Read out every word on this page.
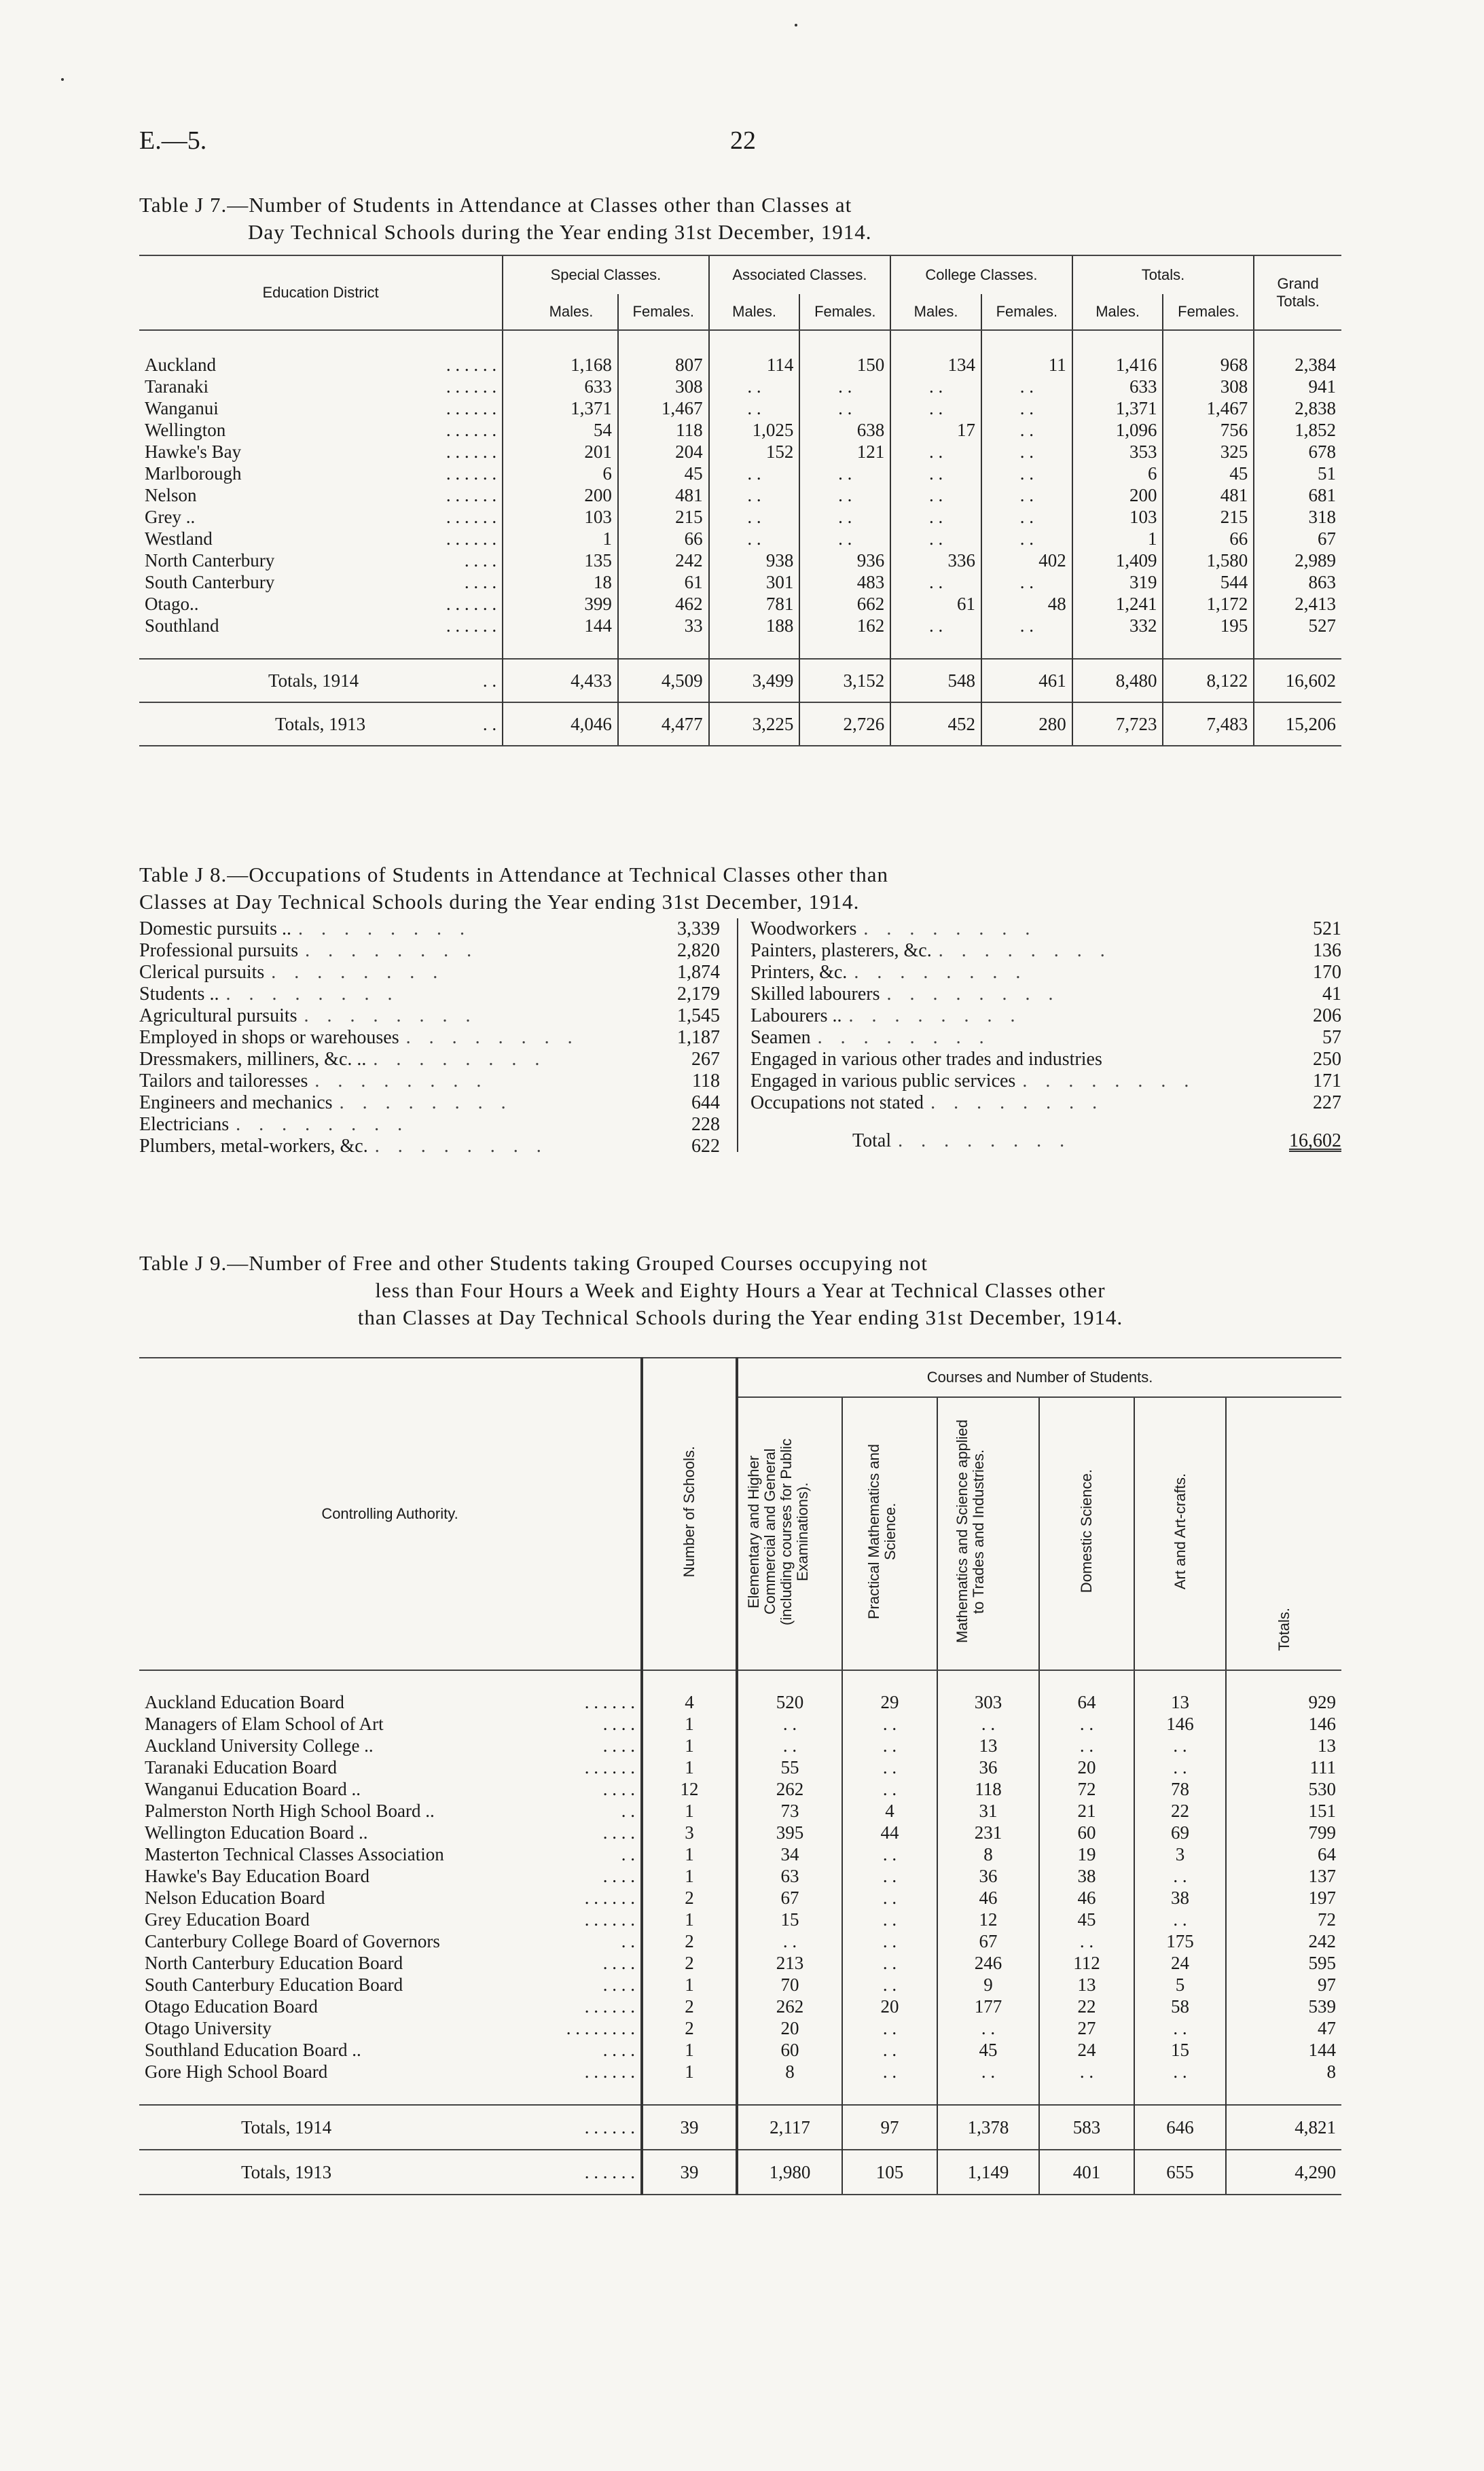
E.—5.	22
Table J 7.—Number of Students in Attendance at Classes other than Classes at
Day Technical Schools during the Year ending 31st December, 1914.
Education District	Special Classes.		Associated Classes.		College Classes.		Totals.		Grand Totals.
	Males.	Females.	Males.	Females.	Males.	Females.	Males.	Females.	
Auckland . . . . . .	1,168	807	114	150	134	11	1,416	968	2,384
Taranaki . . . . . .	633	308	. .	. .	. .	. .	633	308	941
Wanganui . . . . . .	1,371	1,467	. .	. .	. .	. .	1,371	1,467	2,838
Wellington . . . . . .	54	118	1,025	638	17	. .	1,096	756	1,852
Hawke's Bay . . . . . .	201	204	152	121	. .	. .	353	325	678
Marlborough . . . . . .	6	45	. .	. .	. .	. .	6	45	51
Nelson . . . . . .	200	481	. .	. .	. .	. .	200	481	681
Grey .. . . . . . .	103	215	. .	. .	. .	. .	103	215	318
Westland . . . . . .	1	66	. .	. .	. .	. .	1	66	67
North Canterbury . . . .	135	242	938	936	336	402	1,409	1,580	2,989
South Canterbury . . . .	18	61	301	483	. .	. .	319	544	863
Otago.. . . . . . .	399	462	781	662	61	48	1,241	1,172	2,413
Southland . . . . . .	144	33	188	162	. .	. .	332	195	527

Totals, 1914 . .	4,433	4,509	3,499	3,152	548	461	8,480	8,122	16,602
Totals, 1913 . .	4,046	4,477	3,225	2,726	452	280	7,723	7,483	15,206
Table J 8.—Occupations of Students in Attendance at Technical Classes other than
Classes at Day Technical Schools during the Year ending 31st December, 1914.
Domestic pursuits .. . . . . . . . .	3,339
Professional pursuits . . . . . . . .	2,820
Clerical pursuits . . . . . . . .	1,874
Students .. . . . . . . . .	2,179
Agricultural pursuits . . . . . . . .	1,545
Employed in shops or warehouses . . . . . . . .	1,187
Dressmakers, milliners, &c. .. . . . . . . . .	267
Tailors and tailoresses . . . . . . . .	118
Engineers and mechanics . . . . . . . .	644
Electricians . . . . . . . .	228
Plumbers, metal-workers, &c. . . . . . . . .	622
Woodworkers . . . . . . . .	521
Painters, plasterers, &c. . . . . . . . .	136
Printers, &c. . . . . . . . .	170
Skilled labourers . . . . . . . .	41
Labourers .. . . . . . . . .	206
Seamen . . . . . . . .	57
Engaged in various other trades and industries	250
Engaged in various public services . . . . . . . .	171
Occupations not stated . . . . . . . .	227
Total . . . . . . . .	16,602
Table J 9.—Number of Free and other Students taking Grouped Courses occupying not
less than Four Hours a Week and Eighty Hours a Year at Technical Classes other
than Classes at Day Technical Schools during the Year ending 31st December, 1914.
Controlling Authority.	Number of Schools.	Courses and Number of Students.					
		Elementary and Higher Commercial and General (including courses for Public Examinations).	Practical Mathematics and Science.	Mathematics and Science applied to Trades and Industries.	Domestic Science.	Art and Art-crafts.	Totals.
Auckland Education Board . . . . . .	4	520	29	303	64	13	929
Managers of Elam School of Art . . . .	1	. .	. .	. .	. .	146	146
Auckland University College .. . . . .	1	. .	. .	13	. .	. .	13
Taranaki Education Board . . . . . .	1	55	. .	36	20	. .	111
Wanganui Education Board .. . . . .	12	262	. .	118	72	78	530
Palmerston North High School Board .. . .	1	73	4	31	21	22	151
Wellington Education Board .. . . . .	3	395	44	231	60	69	799
Masterton Technical Classes Association . .	1	34	. .	8	19	3	64
Hawke's Bay Education Board . . . .	1	63	. .	36	38	. .	137
Nelson Education Board . . . . . .	2	67	. .	46	46	38	197
Grey Education Board . . . . . .	1	15	. .	12	45	. .	72
Canterbury College Board of Governors . .	2	. .	. .	67	. .	175	242
North Canterbury Education Board . . . .	2	213	. .	246	112	24	595
South Canterbury Education Board . . . .	1	70	. .	9	13	5	97
Otago Education Board . . . . . .	2	262	20	177	22	58	539
Otago University . . . . . . . .	2	20	. .	. .	27	. .	47
Southland Education Board .. . . . .	1	60	. .	45	24	15	144
Gore High School Board . . . . . .	1	8	. .	. .	. .	. .	8

Totals, 1914 . . . . . .	39	2,117	97	1,378	583	646	4,821
Totals, 1913 . . . . . .	39	1,980	105	1,149	401	655	4,290
